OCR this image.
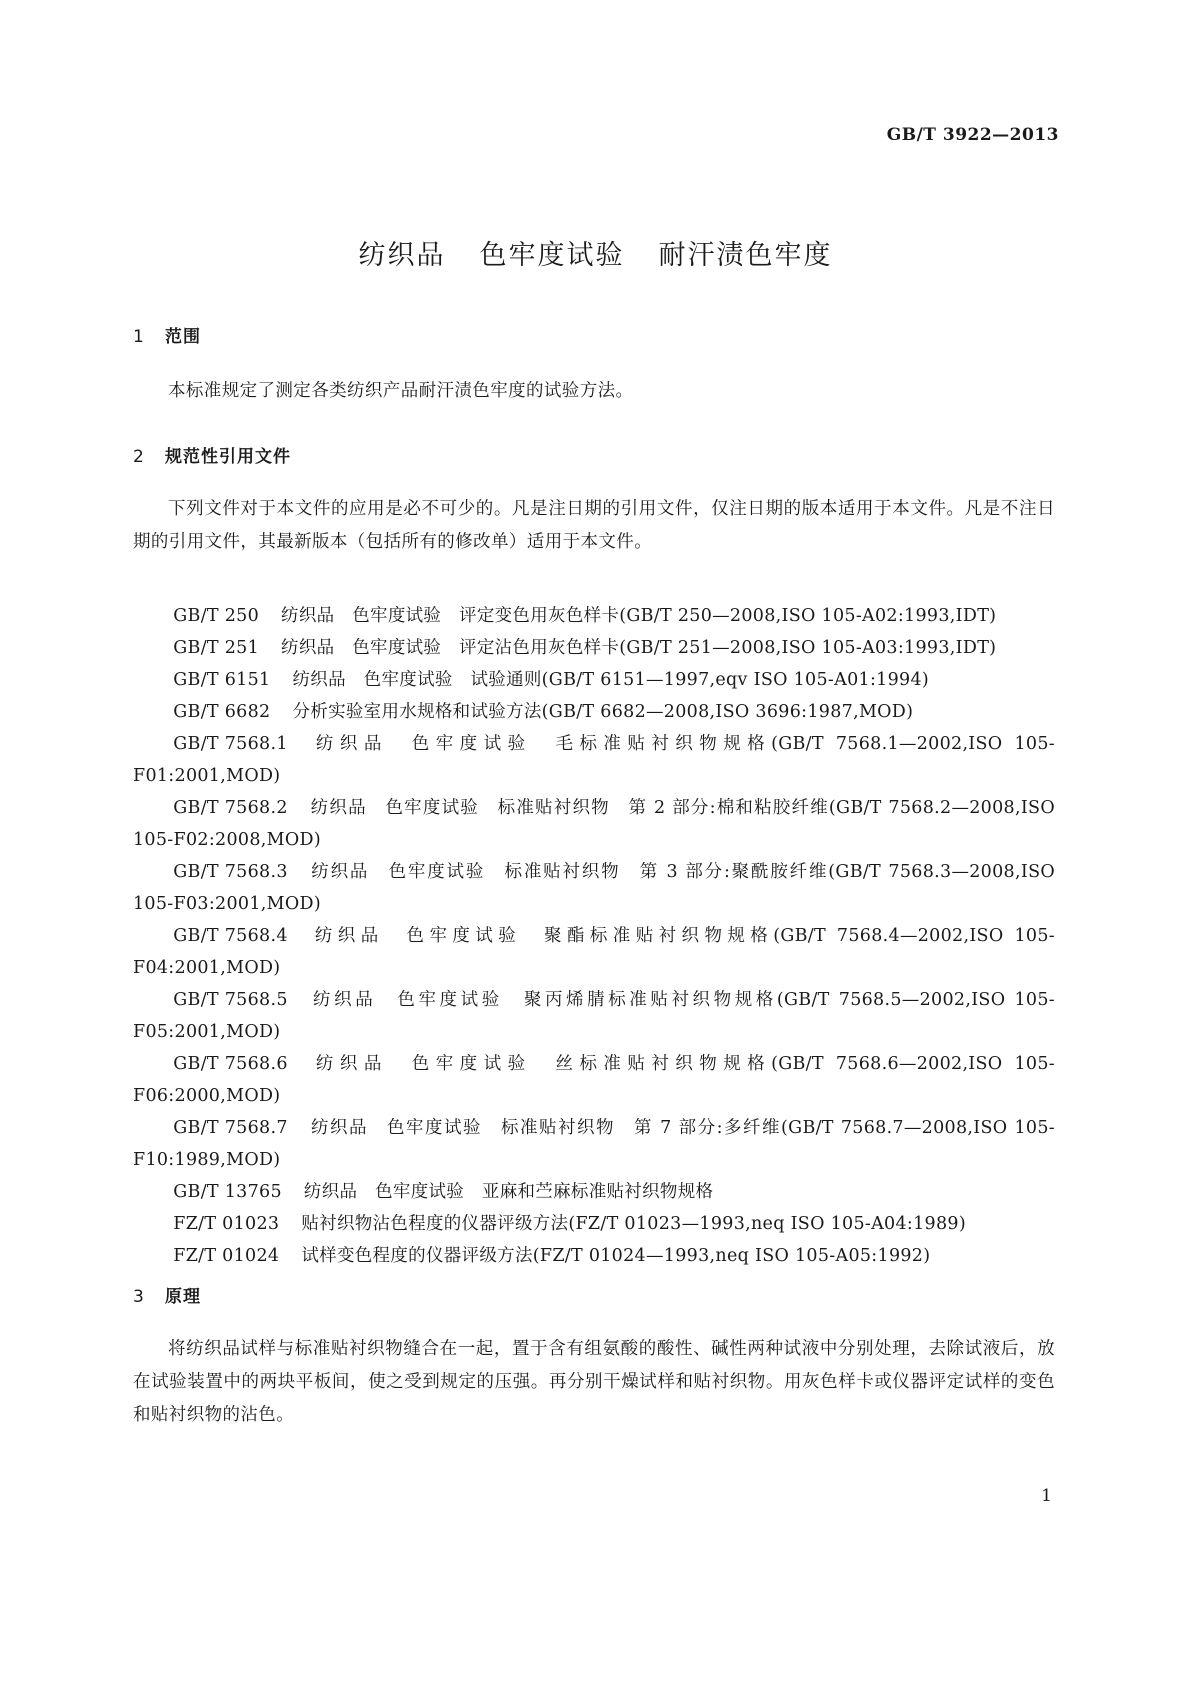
GB/T 3922—2013
纺织品 色牢度试验 耐汗渍色牢度
1 范围
本标准规定了测定各类纺织产品耐汗渍色牢度的试验方法。
2 规范性引用文件
下列文件对于本文件的应用是必不可少的。凡是注日期的引用文件，仅注日期的版本适用于本文件。凡是不注日期的引用文件，其最新版本（包括所有的修改单）适用于本文件。
GB/T 250 纺织品　色牢度试验　评定变色用灰色样卡(GB/T 250—2008,ISO 105-A02:1993,IDT)
GB/T 251 纺织品　色牢度试验　评定沾色用灰色样卡(GB/T 251—2008,ISO 105-A03:1993,IDT)
GB/T 6151 纺织品　色牢度试验　试验通则(GB/T 6151—1997,eqv ISO 105-A01:1994)
GB/T 6682 分析实验室用水规格和试验方法(GB/T 6682—2008,ISO 3696:1987,MOD)
GB/T 7568.1 纺织品　色牢度试验　毛标准贴衬织物规格(GB/T 7568.1—2002,ISO 105-F01:2001,MOD)
GB/T 7568.2 纺织品　色牢度试验　标准贴衬织物　第 2 部分:棉和粘胶纤维(GB/T 7568.2—2008,ISO 105-F02:2008,MOD)
GB/T 7568.3 纺织品　色牢度试验　标准贴衬织物　第 3 部分:聚酰胺纤维(GB/T 7568.3—2008,ISO 105-F03:2001,MOD)
GB/T 7568.4 纺织品　色牢度试验　聚酯标准贴衬织物规格(GB/T 7568.4—2002,ISO 105-F04:2001,MOD)
GB/T 7568.5 纺织品　色牢度试验　聚丙烯腈标准贴衬织物规格(GB/T 7568.5—2002,ISO 105-F05:2001,MOD)
GB/T 7568.6 纺织品　色牢度试验　丝标准贴衬织物规格(GB/T 7568.6—2002,ISO 105-F06:2000,MOD)
GB/T 7568.7 纺织品　色牢度试验　标准贴衬织物　第 7 部分:多纤维(GB/T 7568.7—2008,ISO 105-F10:1989,MOD)
GB/T 13765 纺织品　色牢度试验　亚麻和苎麻标准贴衬织物规格
FZ/T 01023 贴衬织物沾色程度的仪器评级方法(FZ/T 01023—1993,neq ISO 105-A04:1989)
FZ/T 01024 试样变色程度的仪器评级方法(FZ/T 01024—1993,neq ISO 105-A05:1992)
3 原理
将纺织品试样与标准贴衬织物缝合在一起，置于含有组氨酸的酸性、碱性两种试液中分别处理，去除试液后，放在试验装置中的两块平板间，使之受到规定的压强。再分别干燥试样和贴衬织物。用灰色样卡或仪器评定试样的变色和贴衬织物的沾色。
1
